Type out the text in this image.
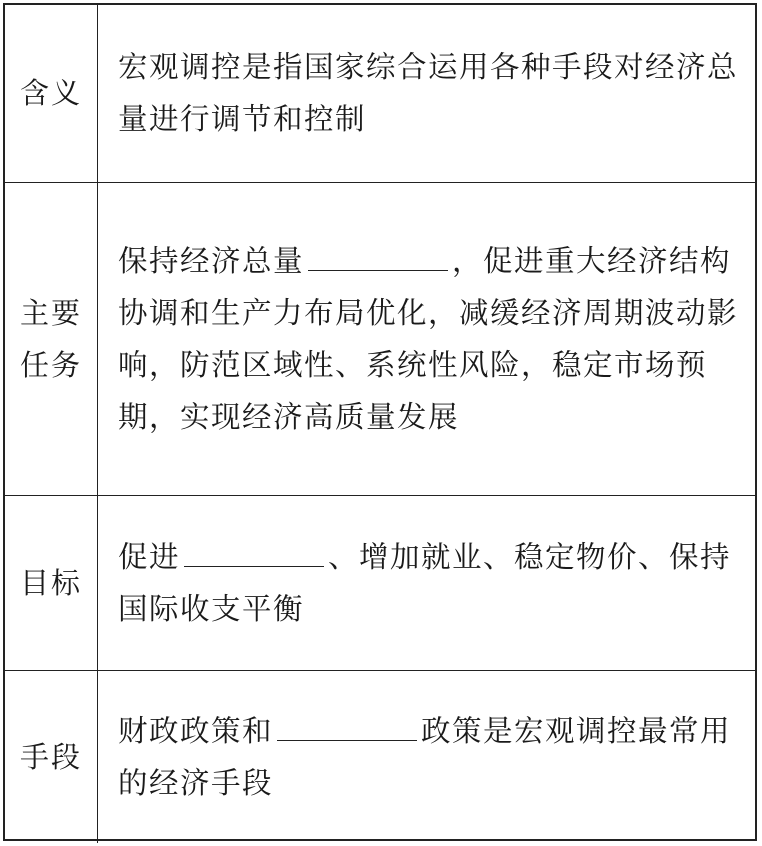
含义	宏观调控是指国家综合运用各种手段对经济总量进行调节和控制

主要
任务	保持经济总量 ，促进重大经济结构协调和生产力布局优化，减缓经济周期波动影响，防范区域性、系统性风险，稳定市场预期，实现经济高质量发展

目标	促进 、增加就业、稳定物价、保持国际收支平衡

手段	财政政策和 政策是宏观调控最常用的经济手段
